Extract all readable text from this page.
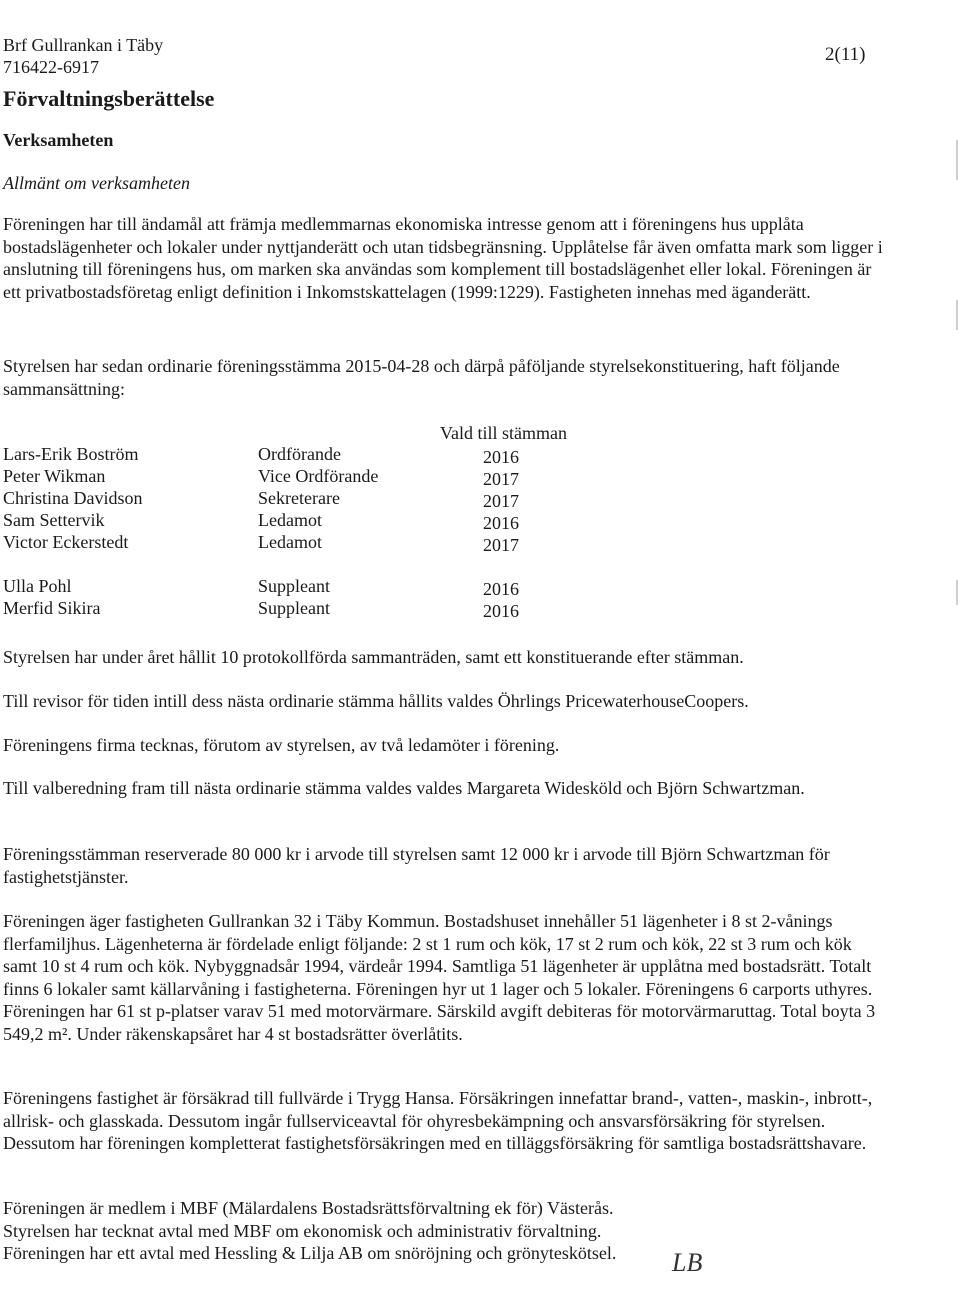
Brf Gullrankan i Täby
716422-6917
2(11)
Förvaltningsberättelse
Verksamheten
Allmänt om verksamheten
Föreningen har till ändamål att främja medlemmarnas ekonomiska intresse genom att i föreningens hus upplåta bostadslägenheter och lokaler under nyttjanderätt och utan tidsbegränsning. Upplåtelse får även omfatta mark som ligger i anslutning till föreningens hus, om marken ska användas som komplement till bostadslägenhet eller lokal. Föreningen är ett privatbostadsföretag enligt definition i Inkomstskattelagen (1999:1229). Fastigheten innehas med äganderätt.
Styrelsen har sedan ordinarie föreningsstämma 2015-04-28 och därpå påföljande styrelsekonstituering, haft följande sammansättning:
Vald till stämman
Lars-Erik Boström	Ordförande	2016
Peter Wikman	Vice Ordförande	2017
Christina Davidson	Sekreterare	2017
Sam Settervik	Ledamot	2016
Victor Eckerstedt	Ledamot	2017
Ulla Pohl	Suppleant	2016
Merfid Sikira	Suppleant	2016
Styrelsen har under året hållit 10 protokollförda sammanträden, samt ett konstituerande efter stämman.
Till revisor för tiden intill dess nästa ordinarie stämma hållits valdes Öhrlings PricewaterhouseCoopers.
Föreningens firma tecknas, förutom av styrelsen, av två ledamöter i förening.
Till valberedning fram till nästa ordinarie stämma valdes valdes Margareta Widesköld och Björn Schwartzman.
Föreningsstämman reserverade 80 000 kr i arvode till styrelsen samt 12 000 kr i arvode till Björn Schwartzman för fastighetstjänster.
Föreningen äger fastigheten Gullrankan 32 i Täby Kommun. Bostadshuset innehåller 51 lägenheter i 8 st 2-vånings flerfamiljhus. Lägenheterna är fördelade enligt följande: 2 st 1 rum och kök, 17 st 2 rum och kök, 22 st 3 rum och kök samt 10 st 4 rum och kök. Nybyggnadsår 1994, värdeår 1994. Samtliga 51 lägenheter är upplåtna med bostadsrätt. Totalt finns 6 lokaler samt källarvåning i fastigheterna. Föreningen hyr ut 1 lager och 5 lokaler. Föreningens 6 carports uthyres. Föreningen har 61 st p-platser varav 51 med motorvärmare. Särskild avgift debiteras för motorvärmaruttag. Total boyta 3 549,2 m². Under räkenskapsåret har 4 st bostadsrätter överlåtits.
Föreningens fastighet är försäkrad till fullvärde i Trygg Hansa. Försäkringen innefattar brand-, vatten-, maskin-, inbrott-, allrisk- och glasskada. Dessutom ingår fullserviceavtal för ohyresbekämpning och ansvarsförsäkring för styrelsen. Dessutom har föreningen kompletterat fastighetsförsäkringen med en tilläggsförsäkring för samtliga bostadsrättshavare.
Föreningen är medlem i MBF (Mälardalens Bostadsrättsförvaltning ek för) Västerås.
Styrelsen har tecknat avtal med MBF om ekonomisk och administrativ förvaltning.
Föreningen har ett avtal med Hessling & Lilja AB om snöröjning och grönyteskötsel.	LB
